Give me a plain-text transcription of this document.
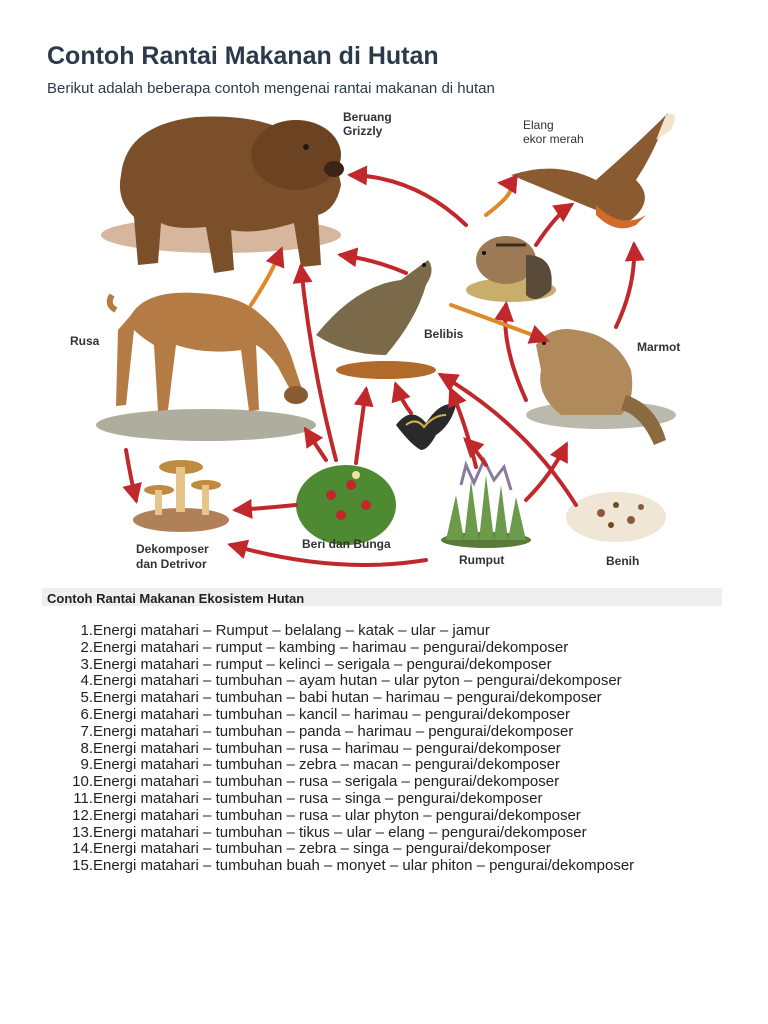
Contoh Rantai Makanan di Hutan

Berikut adalah beberapa contoh mengenai rantai makanan di hutan

Beruang
Grizzly	Elang
ekor merah
Rusa	Belibis
Marmot
Dekomposer
dan Detrivor
Beri dan Bunga
Rumput	Benih
Contoh Rantai Makanan Ekosistem Hutan
1. Energi matahari – Rumput – belalang – katak – ular – jamur
2. Energi matahari – rumput – kambing – harimau – pengurai/dekomposer
3. Energi matahari – rumput – kelinci – serigala – pengurai/dekomposer
4. Energi matahari – tumbuhan – ayam hutan – ular pyton – pengurai/dekomposer
5. Energi matahari – tumbuhan – babi hutan – harimau – pengurai/dekomposer
6. Energi matahari – tumbuhan – kancil – harimau – pengurai/dekomposer
7. Energi matahari – tumbuhan – panda – harimau – pengurai/dekomposer
8. Energi matahari – tumbuhan – rusa – harimau – pengurai/dekomposer
9. Energi matahari – tumbuhan – zebra – macan – pengurai/dekomposer
10. Energi matahari – tumbuhan – rusa – serigala – pengurai/dekomposer
11. Energi matahari – tumbuhan – rusa – singa – pengurai/dekomposer
12. Energi matahari – tumbuhan – rusa – ular phyton – pengurai/dekomposer
13. Energi matahari – tumbuhan – tikus – ular – elang – pengurai/dekomposer
14. Energi matahari – tumbuhan – zebra – singa – pengurai/dekomposer
15. Energi matahari – tumbuhan buah – monyet – ular phiton – pengurai/dekomposer
